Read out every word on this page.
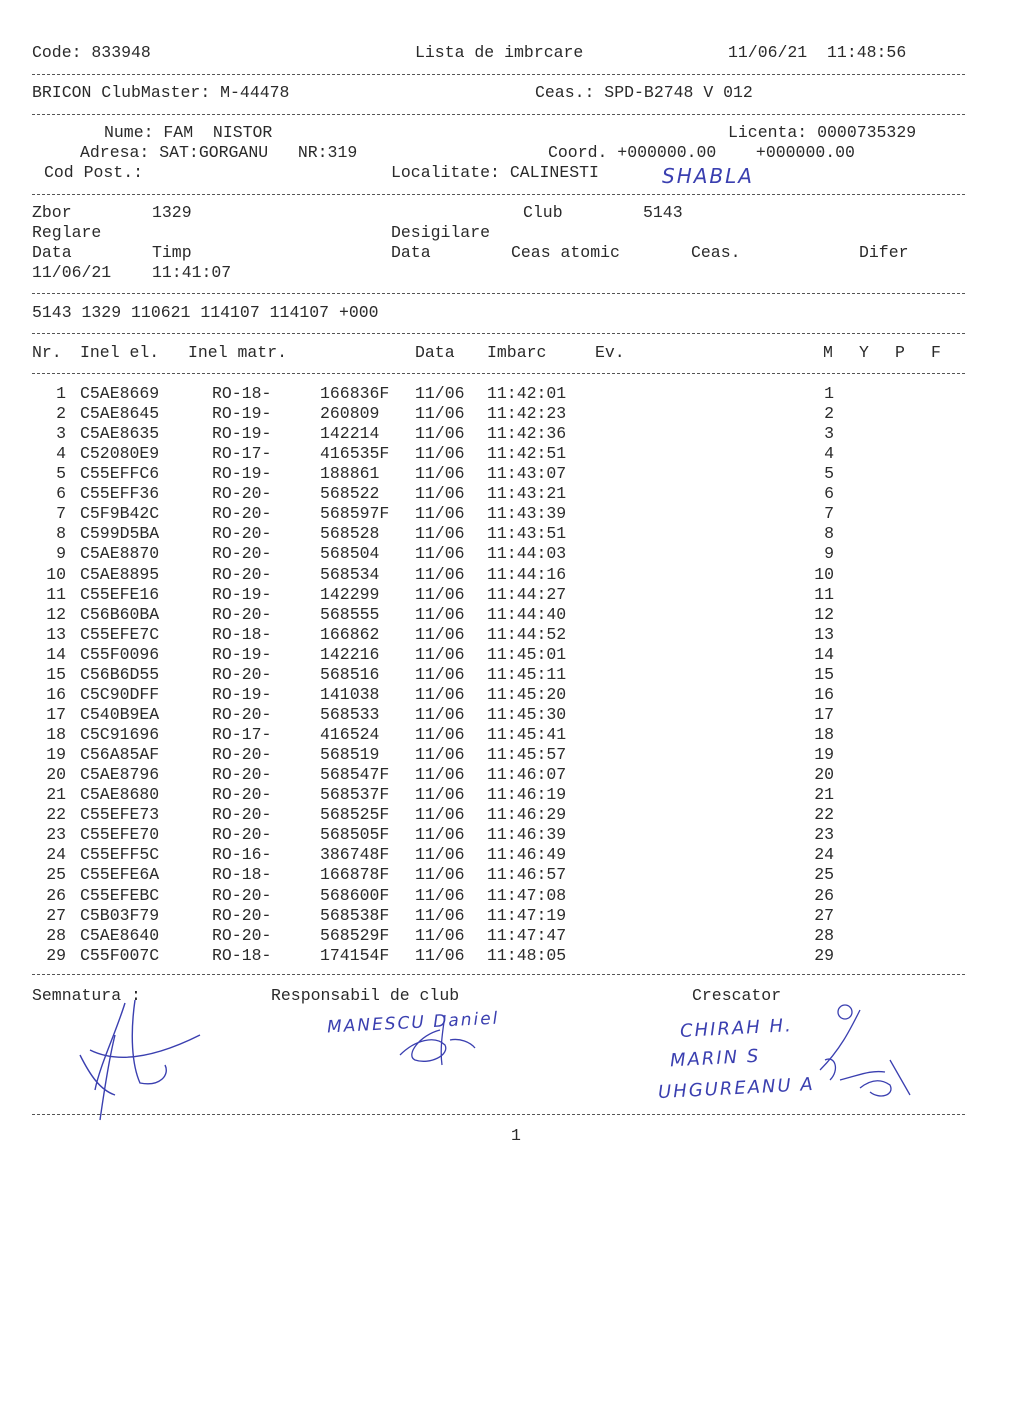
Code: 833948	Lista de imbrcare	11/06/21  11:48:56
BRICON ClubMaster: M-44478	Ceas.: SPD-B2748 V 012
Nume: FAM  NISTOR	Licenta: 0000735329
Adresa: SAT:GORGANU   NR:319	Coord. +000000.00    +000000.00
Cod Post.:	Localitate: CALINESTI	SHABLA
Zbor	1329	Club	5143
Reglare	Desigilare
Data	Timp	Data	Ceas atomic	Ceas.	Difer
11/06/21 11:41:07
5143 1329 110621 114107 114107 +000
Nr. Inel el. Inel matr.	Data Imbarc	Ev.	M Y P F
1 C5AE8669	RO-18-	166836F 11/06 11:42:01	1
2 C5AE8645	RO-19-	260809 11/06 11:42:23	2
3 C5AE8635	RO-19-	142214 11/06 11:42:36	3
4 C52080E9	RO-17-	416535F 11/06 11:42:51	4
5 C55EFFC6	RO-19-	188861 11/06 11:43:07	5
6 C55EFF36	RO-20-	568522 11/06 11:43:21	6
7 C5F9B42C	RO-20-	568597F 11/06 11:43:39	7
8 C599D5BA	RO-20-	568528 11/06 11:43:51	8
9 C5AE8870	RO-20-	568504 11/06 11:44:03	9
10 C5AE8895	RO-20-	568534 11/06 11:44:16	10
11 C55EFE16	RO-19-	142299 11/06 11:44:27	11
12 C56B60BA	RO-20-	568555 11/06 11:44:40	12
13 C55EFE7C	RO-18-	166862 11/06 11:44:52	13
14 C55F0096	RO-19-	142216 11/06 11:45:01	14
15 C56B6D55	RO-20-	568516 11/06 11:45:11	15
16 C5C90DFF	RO-19-	141038 11/06 11:45:20	16
17 C540B9EA	RO-20-	568533 11/06 11:45:30	17
18 C5C91696	RO-17-	416524 11/06 11:45:41	18
19 C56A85AF	RO-20-	568519 11/06 11:45:57	19
20 C5AE8796	RO-20-	568547F 11/06 11:46:07	20
21 C5AE8680	RO-20-	568537F 11/06 11:46:19	21
22 C55EFE73	RO-20-	568525F 11/06 11:46:29	22
23 C55EFE70	RO-20-	568505F 11/06 11:46:39	23
24 C55EFF5C	RO-16-	386748F 11/06 11:46:49	24
25 C55EFE6A	RO-18-	166878F 11/06 11:46:57	25
26 C55EFEBC	RO-20-	568600F 11/06 11:47:08	26
27 C5B03F79	RO-20-	568538F 11/06 11:47:19	27
28 C5AE8640	RO-20-	568529F 11/06 11:47:47	28
29 C55F007C	RO-18-	174154F 11/06 11:48:05	29
Semnatura :	Responsabil de club	Crescator
MANESCU Daniel	CHIRAH H.
MARIN S
UHGUREANU A
1
